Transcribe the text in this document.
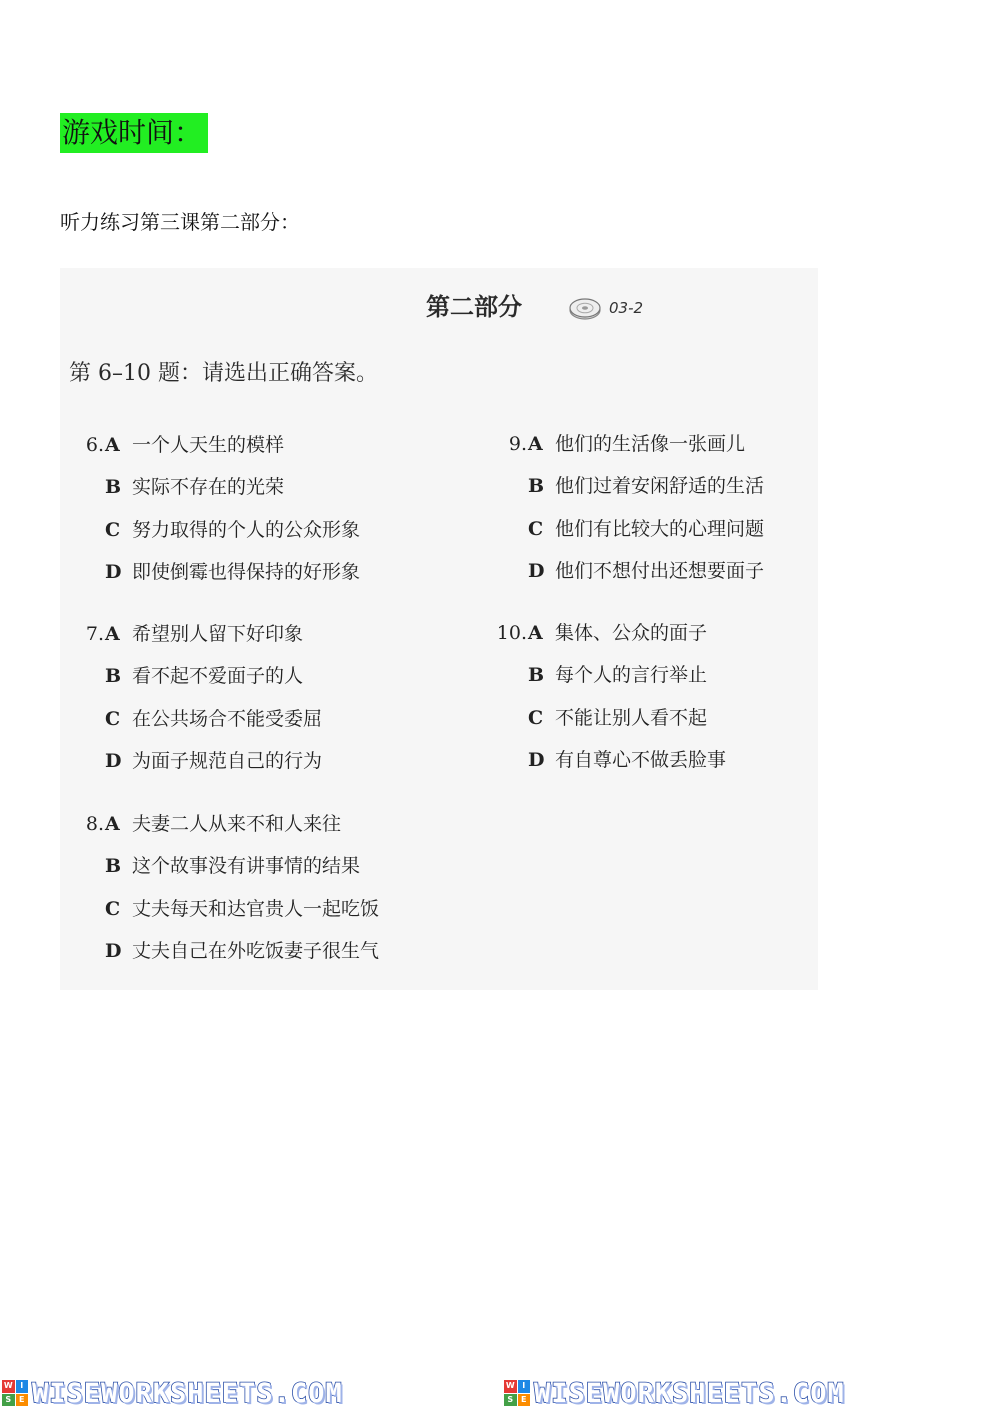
游戏时间：
听力练习第三课第二部分：
第二部分	03-2
第 6–10 题：请选出正确答案。
6. A 一个人天生的模样
B 实际不存在的光荣
C 努力取得的个人的公众形象
D 即使倒霉也得保持的好形象
7. A 希望别人留下好印象
B 看不起不爱面子的人
C 在公共场合不能受委屈
D 为面子规范自己的行为
8. A 夫妻二人从来不和人来往
B 这个故事没有讲事情的结果
C 丈夫每天和达官贵人一起吃饭
D 丈夫自己在外吃饭妻子很生气
9. A 他们的生活像一张画儿
B 他们过着安闲舒适的生活
C 他们有比较大的心理问题
D 他们不想付出还想要面子
10. A 集体、公众的面子
B 每个人的言行举止
C 不能让别人看不起
D 有自尊心不做丢脸事
W I
S E WISEWORKSHEETS.COM	W I
S E WISEWORKSHEETS.COM
